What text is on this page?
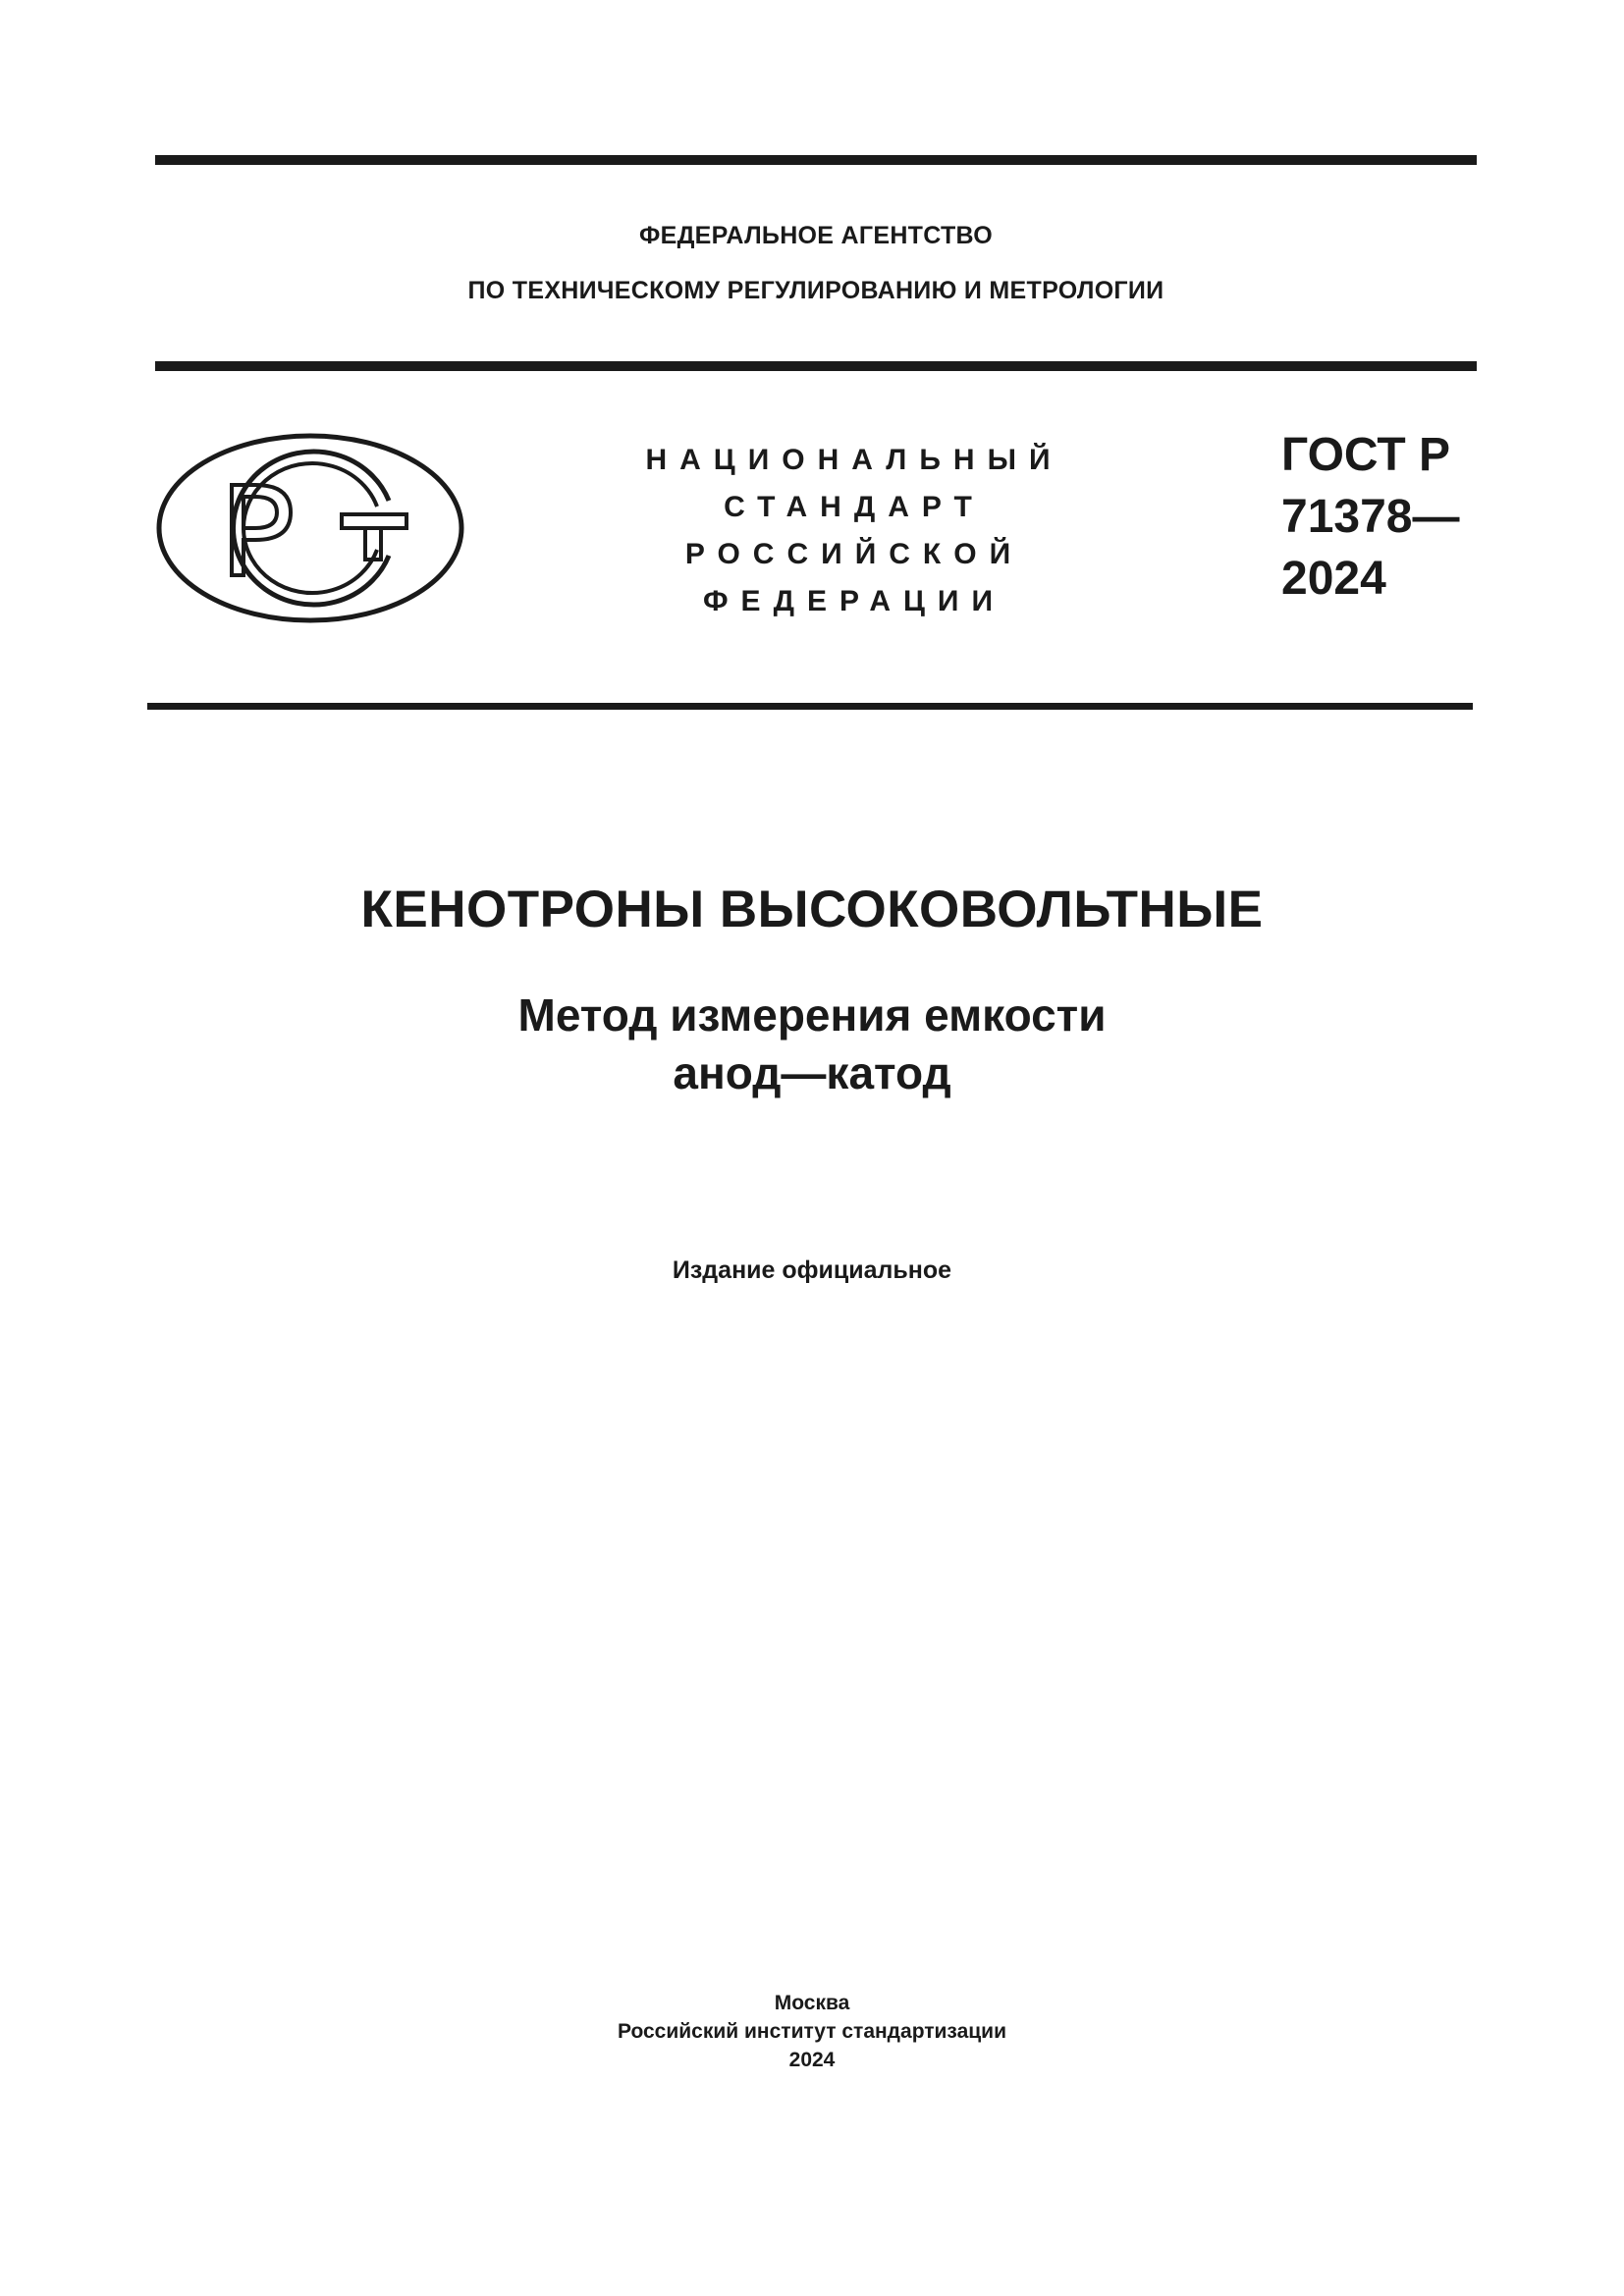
ФЕДЕРАЛЬНОЕ АГЕНТСТВО
ПО ТЕХНИЧЕСКОМУ РЕГУЛИРОВАНИЮ И МЕТРОЛОГИИ
НАЦИОНАЛЬНЫЙ
СТАНДАРТ
РОССИЙСКОЙ
ФЕДЕРАЦИИ
ГОСТ Р
71378—
2024
КЕНОТРОНЫ ВЫСОКОВОЛЬТНЫЕ
Метод измерения емкости
анод—катод
Издание официальное
Москва
Российский институт стандартизации
2024
